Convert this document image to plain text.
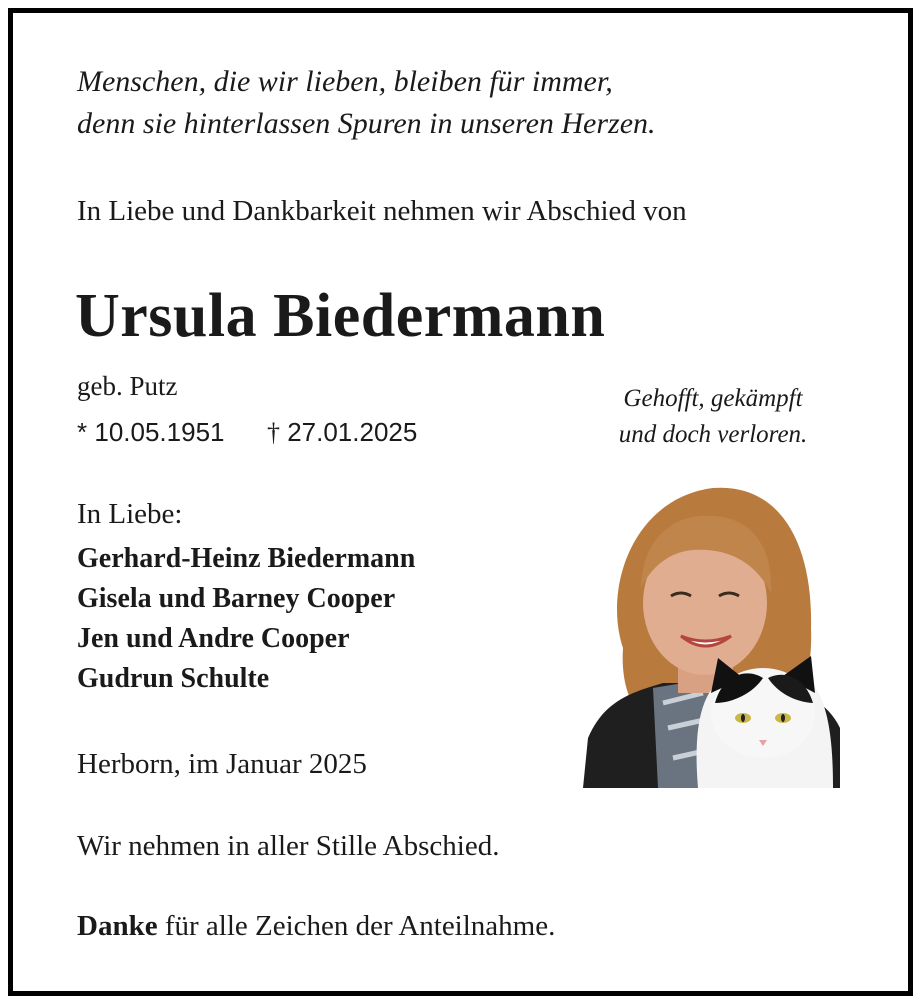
Menschen, die wir lieben, bleiben für immer,
denn sie hinterlassen Spuren in unseren Herzen.
In Liebe und Dankbarkeit nehmen wir Abschied von
Ursula Biedermann
geb. Putz
* 10.05.1951 † 27.01.2025
Gehofft, gekämpft
und doch verloren.
In Liebe:
Gerhard-Heinz Biedermann
Gisela und Barney Cooper
Jen und Andre Cooper
Gudrun Schulte
Herborn, im Januar 2025
Wir nehmen in aller Stille Abschied.
Danke für alle Zeichen der Anteilnahme.
